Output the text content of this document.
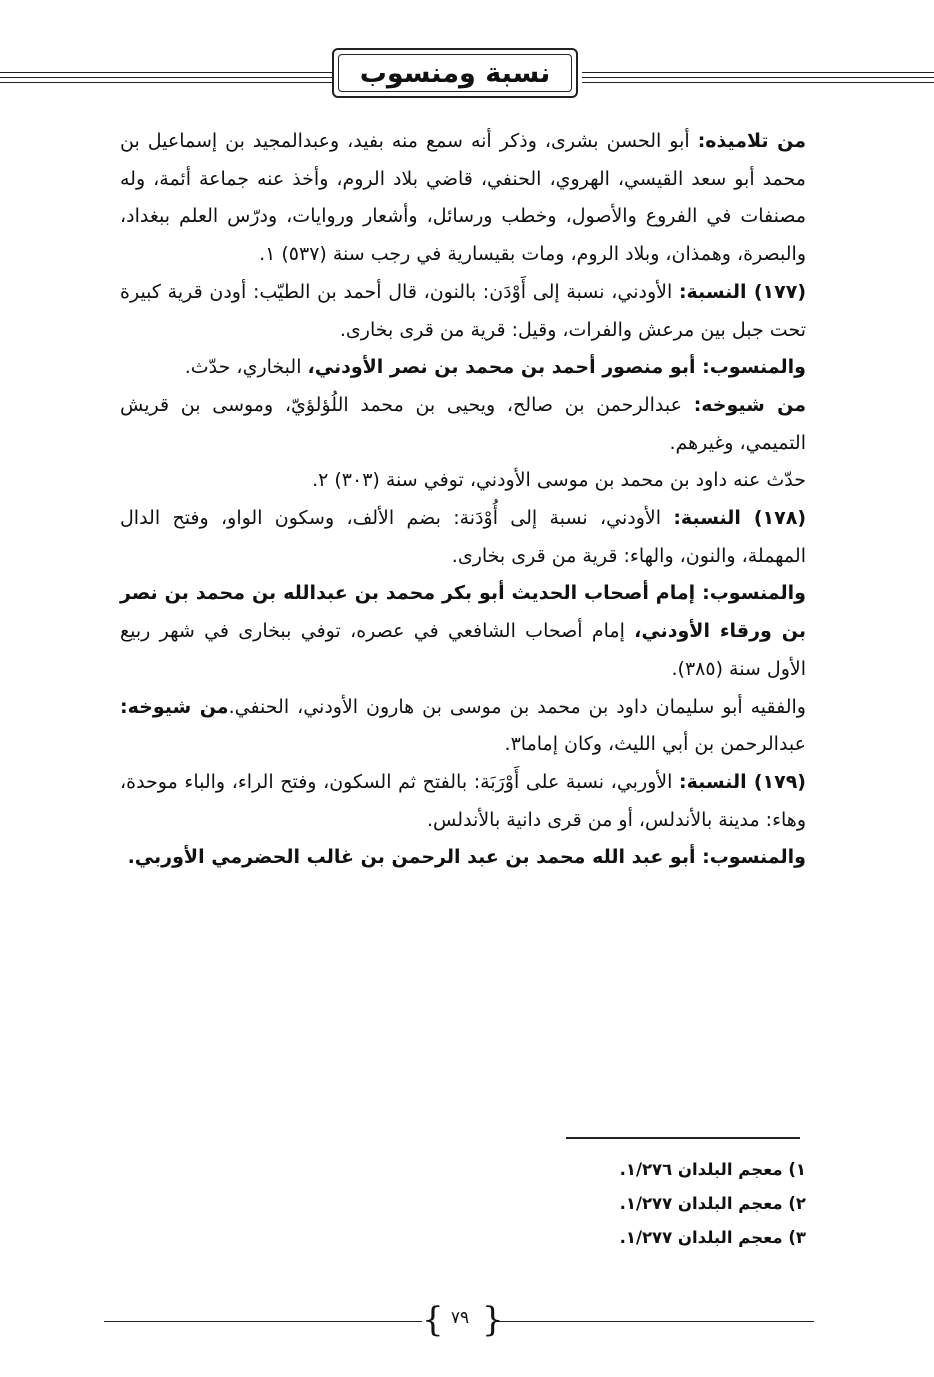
نسبة ومنسوب

من تلاميذه: أبو الحسن بشرى، وذكر أنه سمع منه بفيد، وعبدالمجيد بن إسماعيل بن محمد أبو سعد القيسي، الهروي، الحنفي، قاضي بلاد الروم، وأخذ عنه جماعة أئمة، وله مصنفات في الفروع والأصول، وخطب ورسائل، وأشعار وروايات، ودرّس العلم ببغداد، والبصرة، وهمذان، وبلاد الروم، ومات بقيسارية في رجب سنة (٥٣٧) ١.

(١٧٧) النسبة: الأودني، نسبة إلى أَوْدَن: بالنون، قال أحمد بن الطيّب: أودن قرية كبيرة تحت جبل بين مرعش والفرات، وقيل: قرية من قرى بخارى.

والمنسوب: أبو منصور أحمد بن محمد بن نصر الأودني، البخاري، حدّث.

من شيوخه: عبدالرحمن بن صالح، ويحيى بن محمد اللُؤلؤيّ، وموسى بن قريش التميمي، وغيرهم.

حدّث عنه داود بن محمد بن موسى الأودني، توفي سنة (٣٠٣) ٢.

(١٧٨) النسبة: الأودني، نسبة إلى أُوْدَنة: بضم الألف، وسكون الواو، وفتح الدال المهملة، والنون، والهاء: قرية من قرى بخارى.

والمنسوب: إمام أصحاب الحديث أبو بكر محمد بن عبدالله بن محمد بن نصر بن ورقاء الأودني، إمام أصحاب الشافعي في عصره، توفي ببخارى في شهر ربيع الأول سنة (٣٨٥).

والفقيه أبو سليمان داود بن محمد بن موسى بن هارون الأودني، الحنفي.من شيوخه: عبدالرحمن بن أبي الليث، وكان إماما٣.

(١٧٩) النسبة: الأوربي، نسبة على أَوْرَبَة: بالفتح ثم السكون، وفتح الراء، والباء موحدة، وهاء: مدينة بالأندلس، أو من قرى دانية بالأندلس.

والمنسوب: أبو عبد الله محمد بن عبد الرحمن بن غالب الحضرمي الأوربي.

١) معجم البلدان ١/٢٧٦.
٢) معجم البلدان ١/٢٧٧.
٣) معجم البلدان ١/٢٧٧.
{ ٧٩ }
